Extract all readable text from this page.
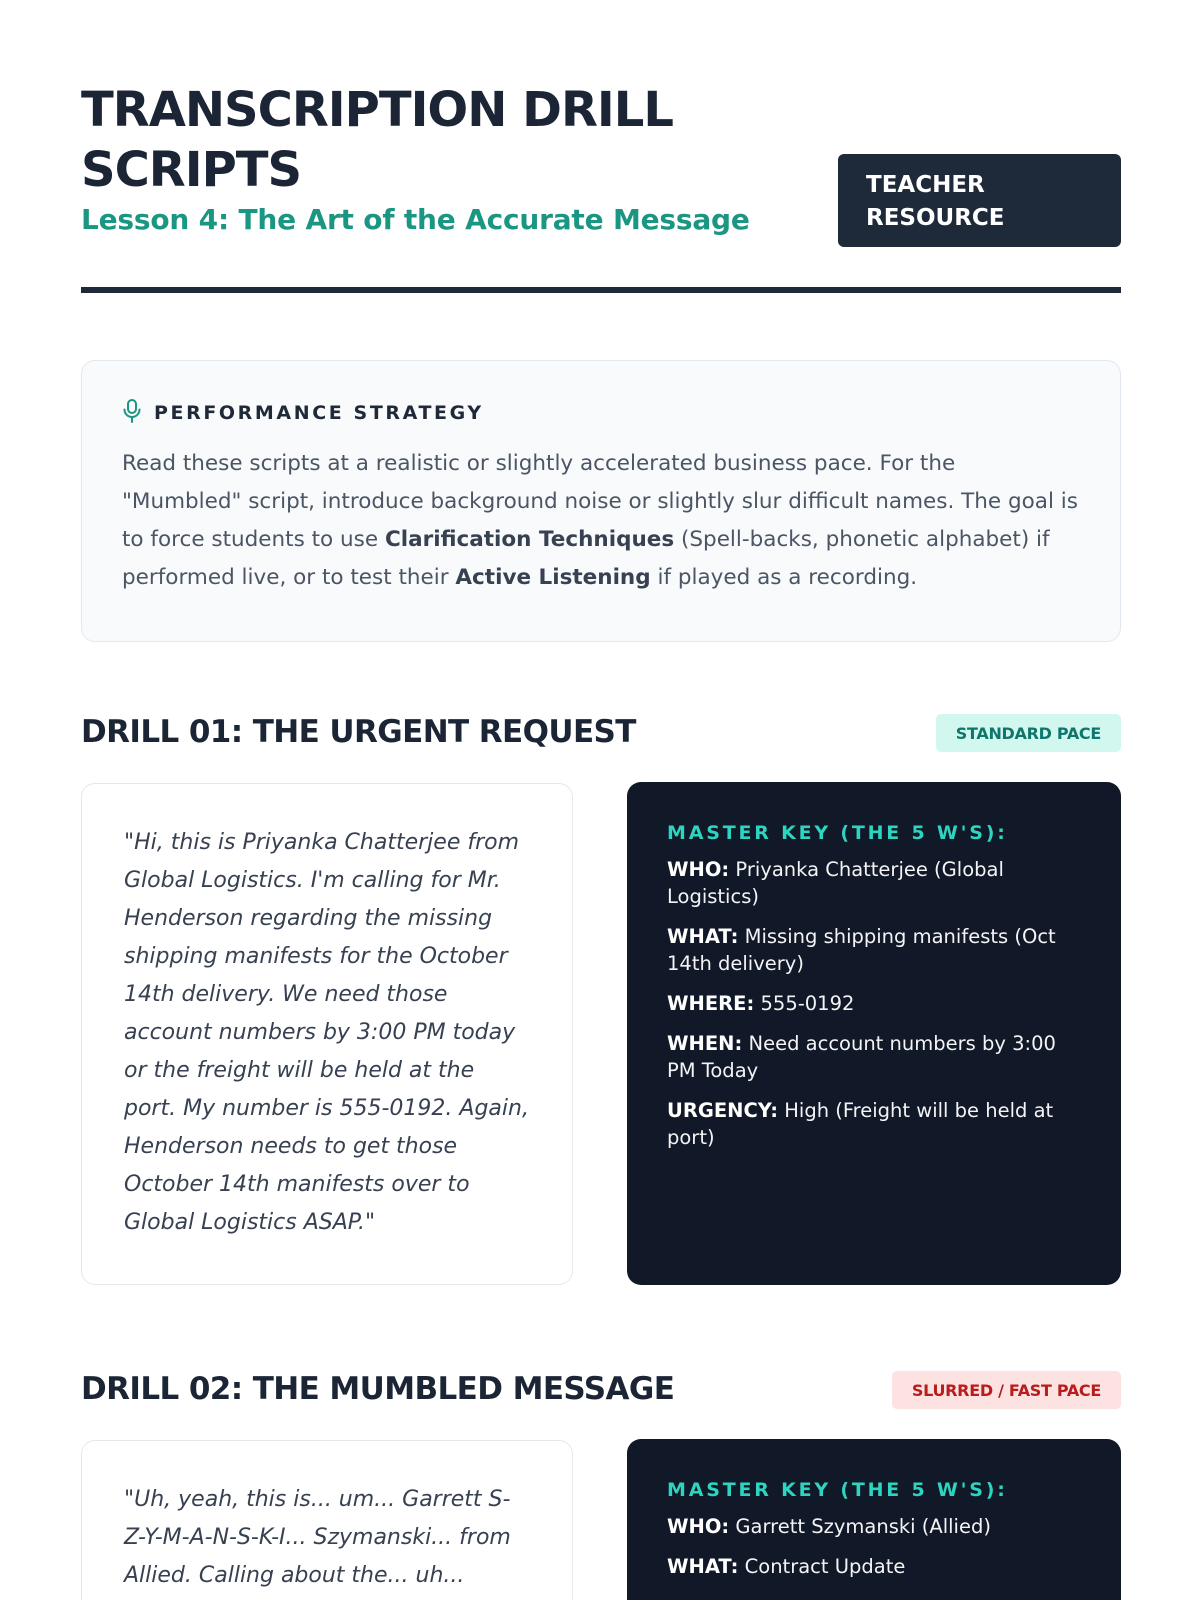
TRANSCRIPTION DRILL SCRIPTS
Lesson 4: The Art of the Accurate Message
TEACHER RESOURCE
PERFORMANCE STRATEGY

Read these scripts at a realistic or slightly accelerated business pace. For the "Mumbled" script, introduce background noise or slightly slur difficult names. The goal is to force students to use Clarification Techniques (Spell-backs, phonetic alphabet) if performed live, or to test their Active Listening if played as a recording.

DRILL 01: THE URGENT REQUEST	STANDARD PACE

"Hi, this is Priyanka Chatterjee from Global Logistics. I'm calling for Mr. Henderson regarding the missing shipping manifests for the October 14th delivery. We need those account numbers by 3:00 PM today or the freight will be held at the port. My number is 555-0192. Again, Henderson needs to get those October 14th manifests over to Global Logistics ASAP."

MASTER KEY (THE 5 W'S):
WHO: Priyanka Chatterjee (Global Logistics)
WHAT: Missing shipping manifests (Oct 14th delivery)
WHERE: 555-0192
WHEN: Need account numbers by 3:00 PM Today
URGENCY: High (Freight will be held at port)
DRILL 02: THE MUMBLED MESSAGE	SLURRED / FAST PACE

"Uh, yeah, this is... um... Garrett S-Z-Y-M-A-N-S-K-I... Szymanski... from Allied. Calling about the... uh...

MASTER KEY (THE 5 W'S):
WHO: Garrett Szymanski (Allied)
WHAT: Contract Update
